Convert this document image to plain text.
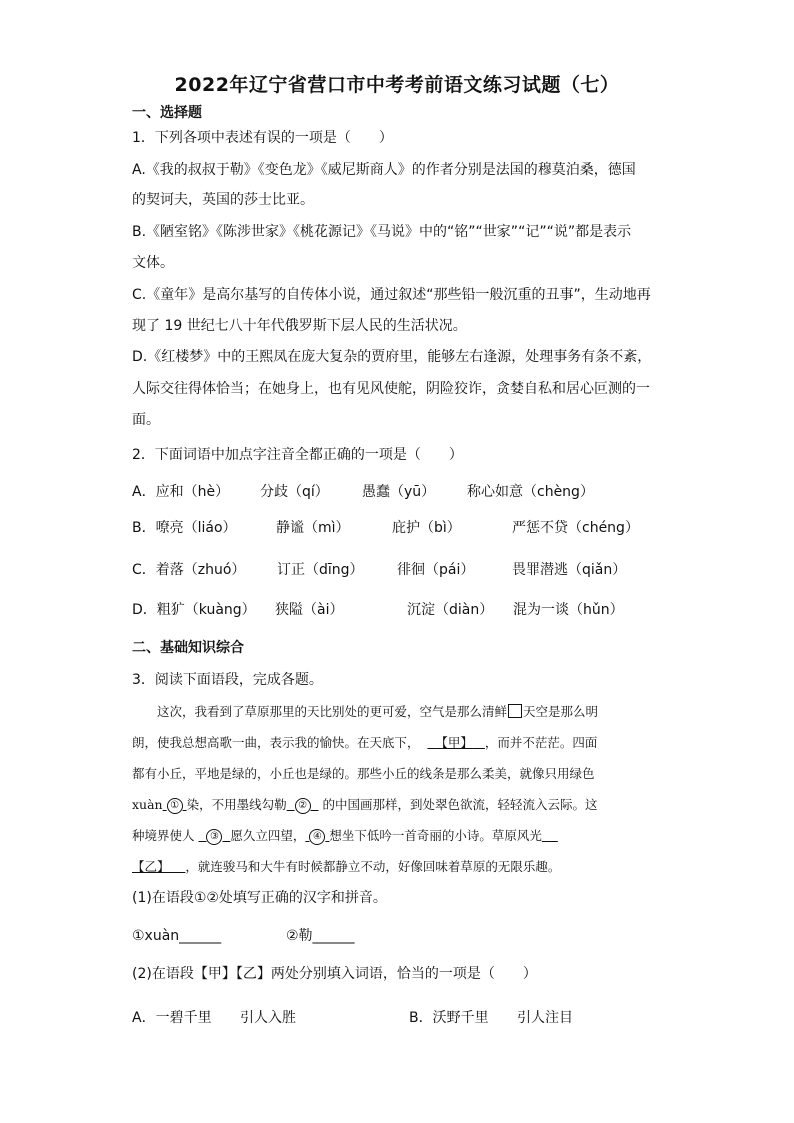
2022年辽宁省营口市中考考前语文练习试题（七）
一、选择题
1．下列各项中表述有误的一项是（　　）
A.《我的叔叔于勒》《变色龙》《威尼斯商人》的作者分别是法国的穆莫泊桑，德国
的契诃夫，英国的莎士比亚。
B.《陋室铭》《陈涉世家》《桃花源记》《马说》中的“铭”“世家”“记”“说”都是表示
文体。
C.《童年》是高尔基写的自传体小说，通过叙述“那些铅一般沉重的丑事”，生动地再
现了 19 世纪七八十年代俄罗斯下层人民的生活状况。
D.《红楼梦》中的王熙凤在庞大复杂的贾府里，能够左右逢源，处理事务有条不紊，
人际交往得体恰当；在她身上，也有见风使舵，阴险狡诈，贪婪自私和居心叵测的一
面。
2．下面词语中加点字注音全都正确的一项是（　　）
A．应和（hè） 分歧（qí） 愚蠢（yū） 称心如意（chèng）
B．嘹亮（liáo）	静谧（mì）	庇护（bì）	严惩不贷（chéng）
C．着落（zhuó） 订正（dīng） 徘徊（pái）	畏罪潜逃（qiǎn）
D．粗犷（kuàng） 狭隘（ài）	沉淀（diàn） 混为一谈（hǔn）
二、基础知识综合
3．阅读下面语段，完成各题。
　　这次，我看到了草原那里的天比别处的更可爱，空气是那么清鲜 天空是那么明
朗，使我总想高歌一曲，表示我的愉快。在天底下， 【甲】 ，而并不茫茫。四面
都有小丘，平地是绿的，小丘也是绿的。那些小丘的线条是那么柔美，就像只用绿色
xuàn ① 染，不用墨线勾勒 ② 的中国画那样，到处翠色欲流，轻轻流入云际。这
种境界使人 ③ 愿久立四望， ④ 想坐下低吟一首奇丽的小诗。草原风光
【乙】 ，就连骏马和大牛有时候都静立不动，好像回味着草原的无限乐趣。
(1)在语段①②处填写正确的汉字和拼音。
①xuàn______	②勒______
(2)在语段【甲】【乙】两处分别填入词语，恰当的一项是（　　）
A．一碧千里 引人入胜	B．沃野千里 引人注目
